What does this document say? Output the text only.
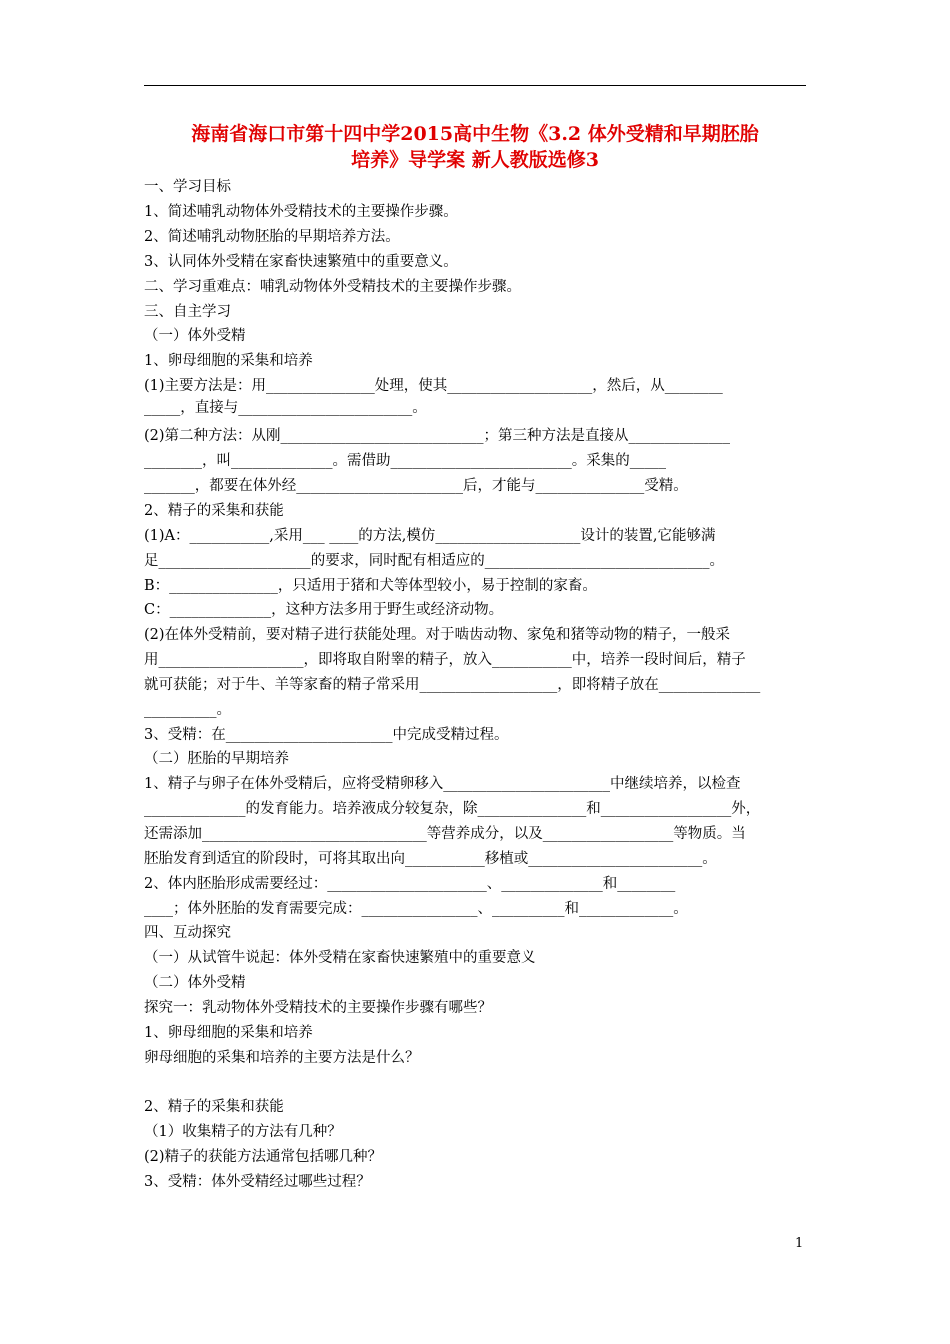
海南省海口市第十四中学2015高中生物《3.2 体外受精和早期胚胎
培养》导学案 新人教版选修3
一、学习目标
1、简述哺乳动物体外受精技术的主要操作步骤。
2、简述哺乳动物胚胎的早期培养方法。
3、认同体外受精在家畜快速繁殖中的重要意义。
二、学习重难点：哺乳动物体外受精技术的主要操作步骤。
三、自主学习
（一）体外受精
1、卵母细胞的采集和培养
(1)主要方法是：用_______________处理，使其____________________，然后，从________
_____，直接与________________________。
(2)第二种方法：从刚____________________________；第三种方法是直接从______________
________，叫______________。需借助_________________________。采集的_____
_______，都要在体外经_______________________后，才能与_______________受精。
2、精子的采集和获能
(1)A：___________,采用___ ____的方法,模仿____________________设计的装置,它能够满
足_____________________的要求，同时配有相适应的_______________________________。
B：_______________，只适用于猪和犬等体型较小，易于控制的家畜。
C：______________，这种方法多用于野生或经济动物。
(2)在体外受精前，要对精子进行获能处理。对于啮齿动物、家兔和猪等动物的精子，一般采
用____________________，即将取自附睾的精子，放入___________中，培养一段时间后，精子
就可获能；对于牛、羊等家畜的精子常采用___________________，即将精子放在______________
__________。
3、受精：在_______________________中完成受精过程。
（二）胚胎的早期培养
1、精子与卵子在体外受精后，应将受精卵移入_______________________中继续培养，以检查
______________的发育能力。培养液成分较复杂，除_______________和__________________外，
还需添加_______________________________等营养成分，以及__________________等物质。当
胚胎发育到适宜的阶段时，可将其取出向___________移植或________________________。
2、体内胚胎形成需要经过：______________________、______________和________
____；体外胚胎的发育需要完成：________________、__________和_____________。
四、互动探究
（一）从试管牛说起：体外受精在家畜快速繁殖中的重要意义
（二）体外受精
探究一：乳动物体外受精技术的主要操作步骤有哪些？
1、卵母细胞的采集和培养
卵母细胞的采集和培养的主要方法是什么？
2、精子的采集和获能
（1）收集精子的方法有几种？
(2)精子的获能方法通常包括哪几种？
3、受精：体外受精经过哪些过程？
1
